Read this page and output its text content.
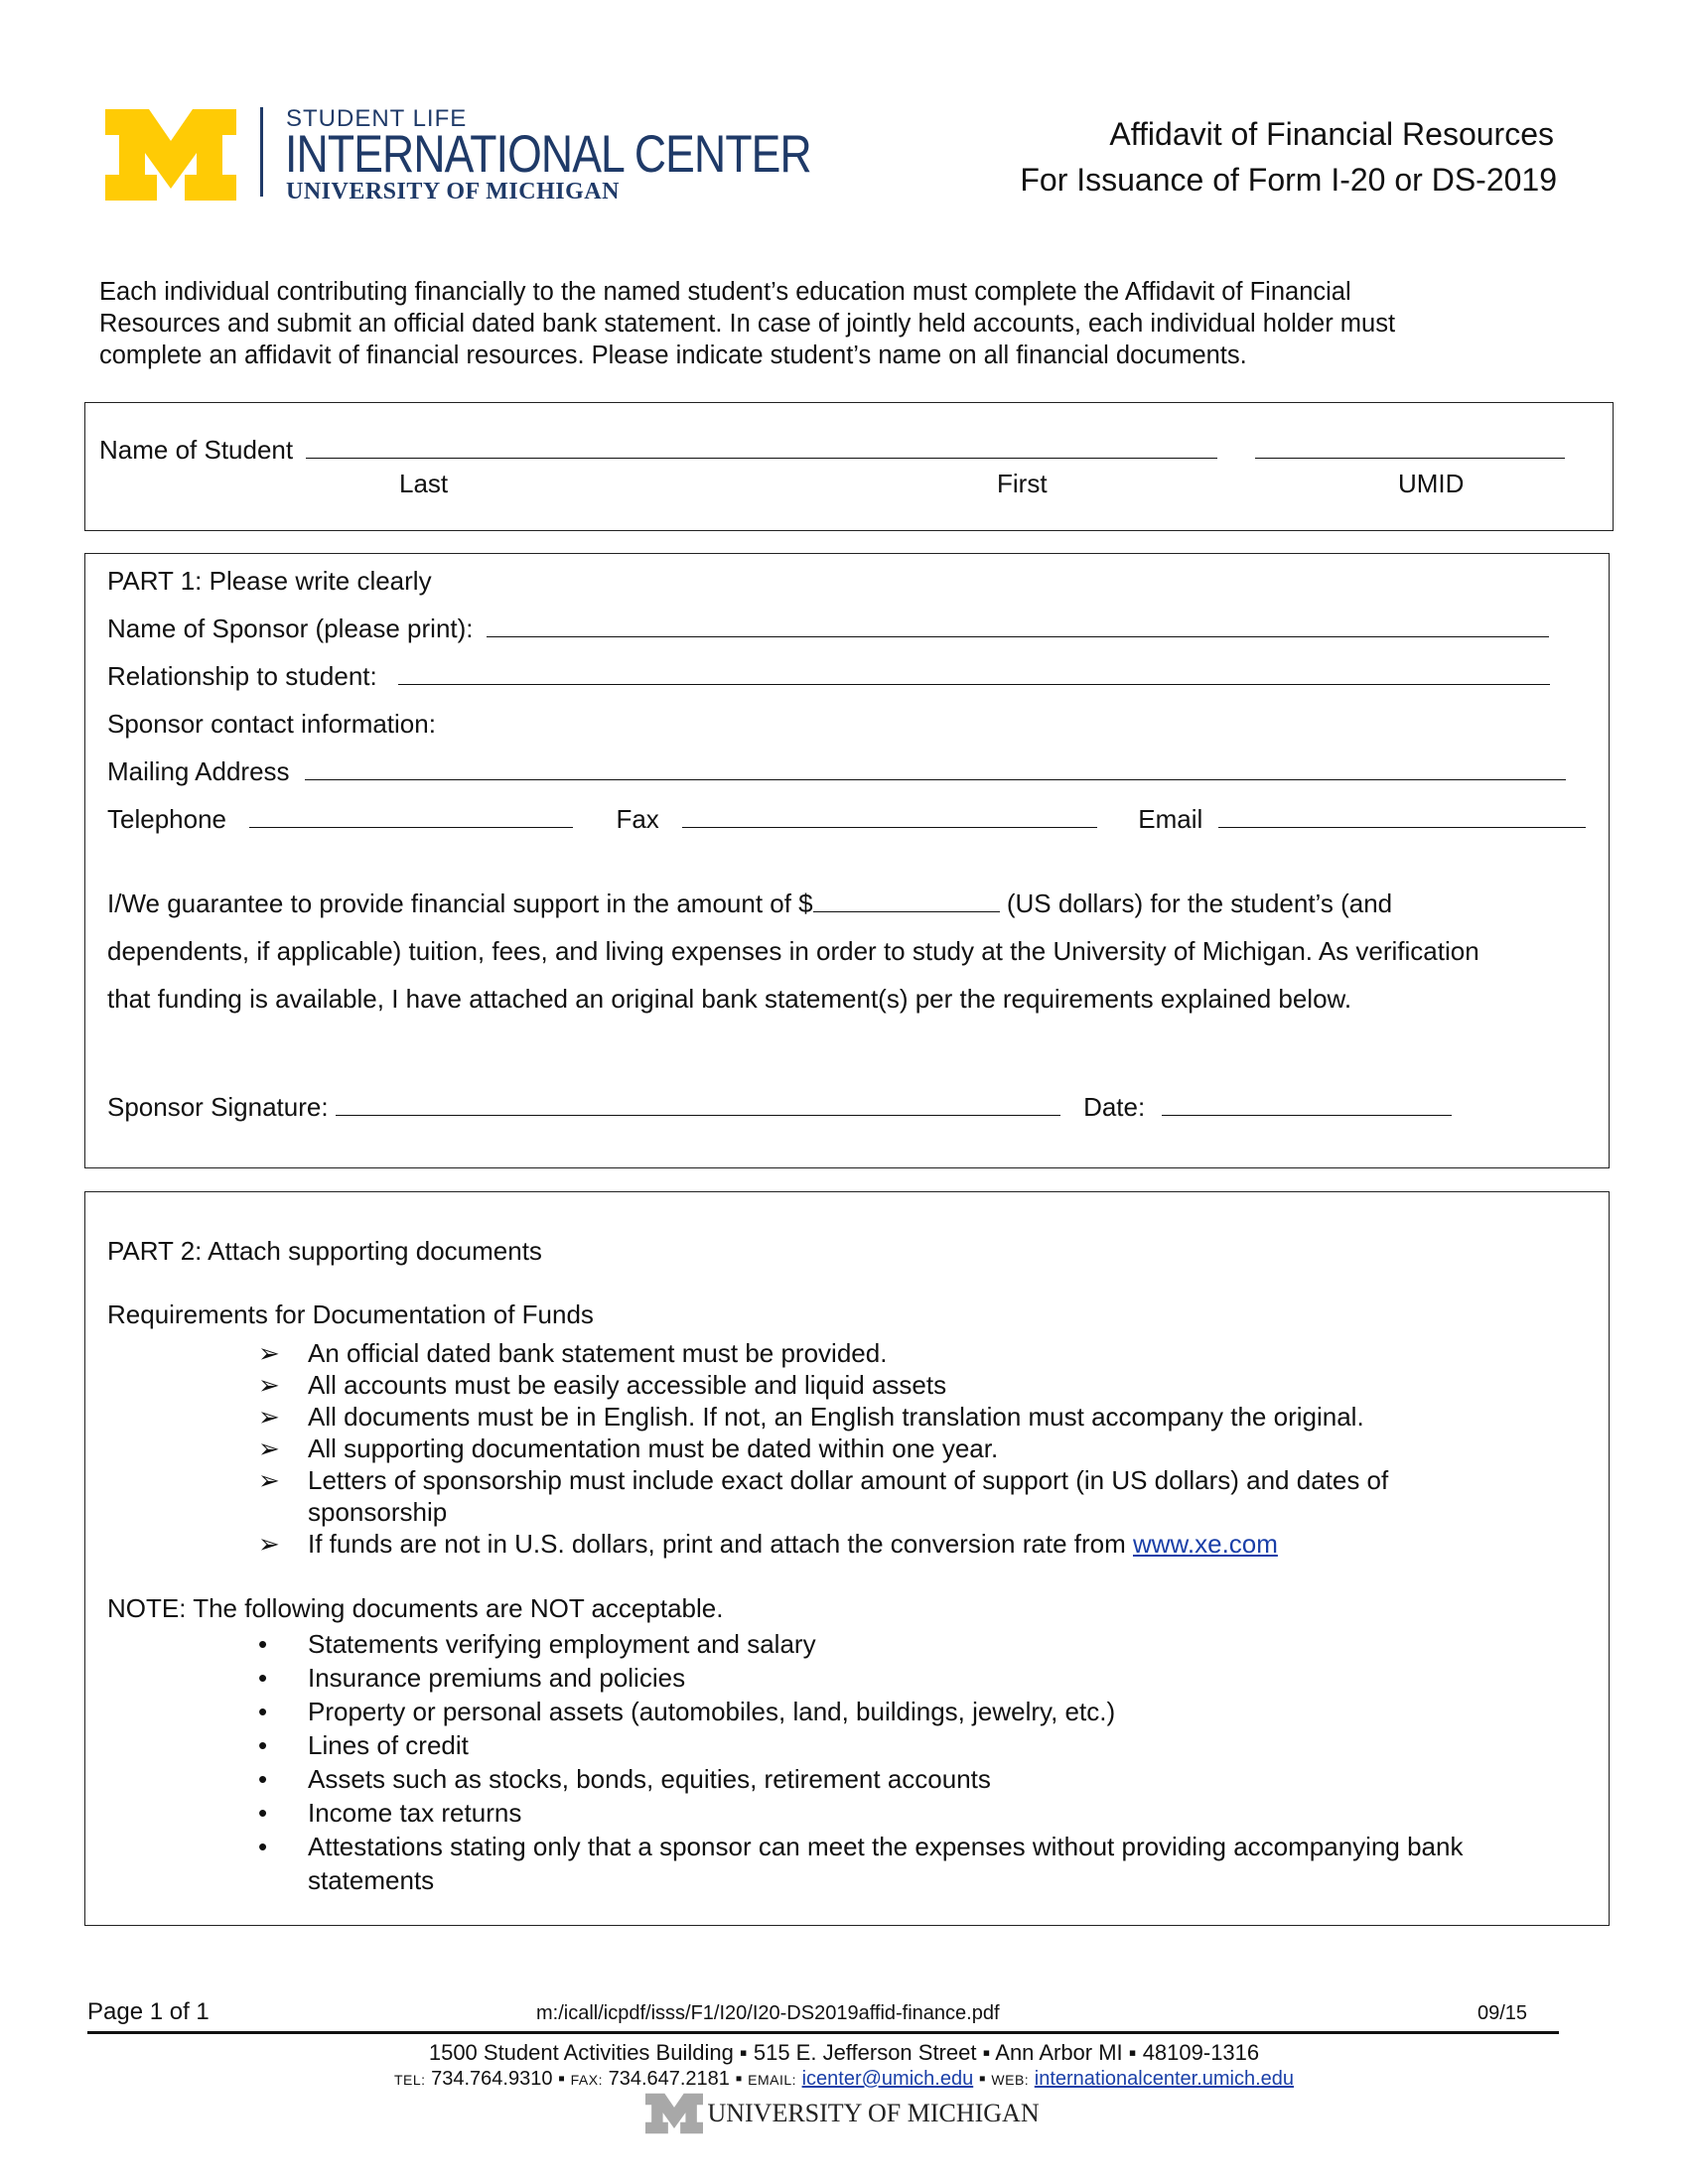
STUDENT LIFE
INTERNATIONAL CENTER
UNIVERSITY OF MICHIGAN
Affidavit of Financial Resources
For Issuance of Form I-20 or DS-2019
Each individual contributing financially to the named student’s education must complete the Affidavit of Financial
Resources and submit an official dated bank statement. In case of jointly held accounts, each individual holder must
complete an affidavit of financial resources. Please indicate student’s name on all financial documents.
Name of Student
Last	First	UMID
PART 1: Please write clearly
Name of Sponsor (please print):
Relationship to student:
Sponsor contact information:
Mailing Address
Telephone	Fax	Email
I/We guarantee to provide financial support in the amount of $	(US dollars) for the student’s (and
dependents, if applicable) tuition, fees, and living expenses in order to study at the University of Michigan. As verification
that funding is available, I have attached an original bank statement(s) per the requirements explained below.
Sponsor Signature:	Date:
PART 2: Attach supporting documents
Requirements for Documentation of Funds
➢ An official dated bank statement must be provided.
➢ All accounts must be easily accessible and liquid assets
➢ All documents must be in English. If not, an English translation must accompany the original.
➢ All supporting documentation must be dated within one year.
➢ Letters of sponsorship must include exact dollar amount of support (in US dollars) and dates of
sponsorship
➢ If funds are not in U.S. dollars, print and attach the conversion rate from www.xe.com
NOTE: The following documents are NOT acceptable.
• Statements verifying employment and salary
• Insurance premiums and policies
• Property or personal assets (automobiles, land, buildings, jewelry, etc.)
• Lines of credit
• Assets such as stocks, bonds, equities, retirement accounts
• Income tax returns
• Attestations stating only that a sponsor can meet the expenses without providing accompanying bank
statements
Page 1 of 1	m:/icall/icpdf/isss/F1/I20/I20-DS2019affid-finance.pdf	09/15
1500 Student Activities Building ▪ 515 E. Jefferson Street ▪ Ann Arbor MI ▪ 48109-1316
TEL: 734.764.9310 ▪ FAX: 734.647.2181 ▪ EMAIL: icenter@umich.edu ▪ WEB: internationalcenter.umich.edu
UNIVERSITY OF MICHIGAN
